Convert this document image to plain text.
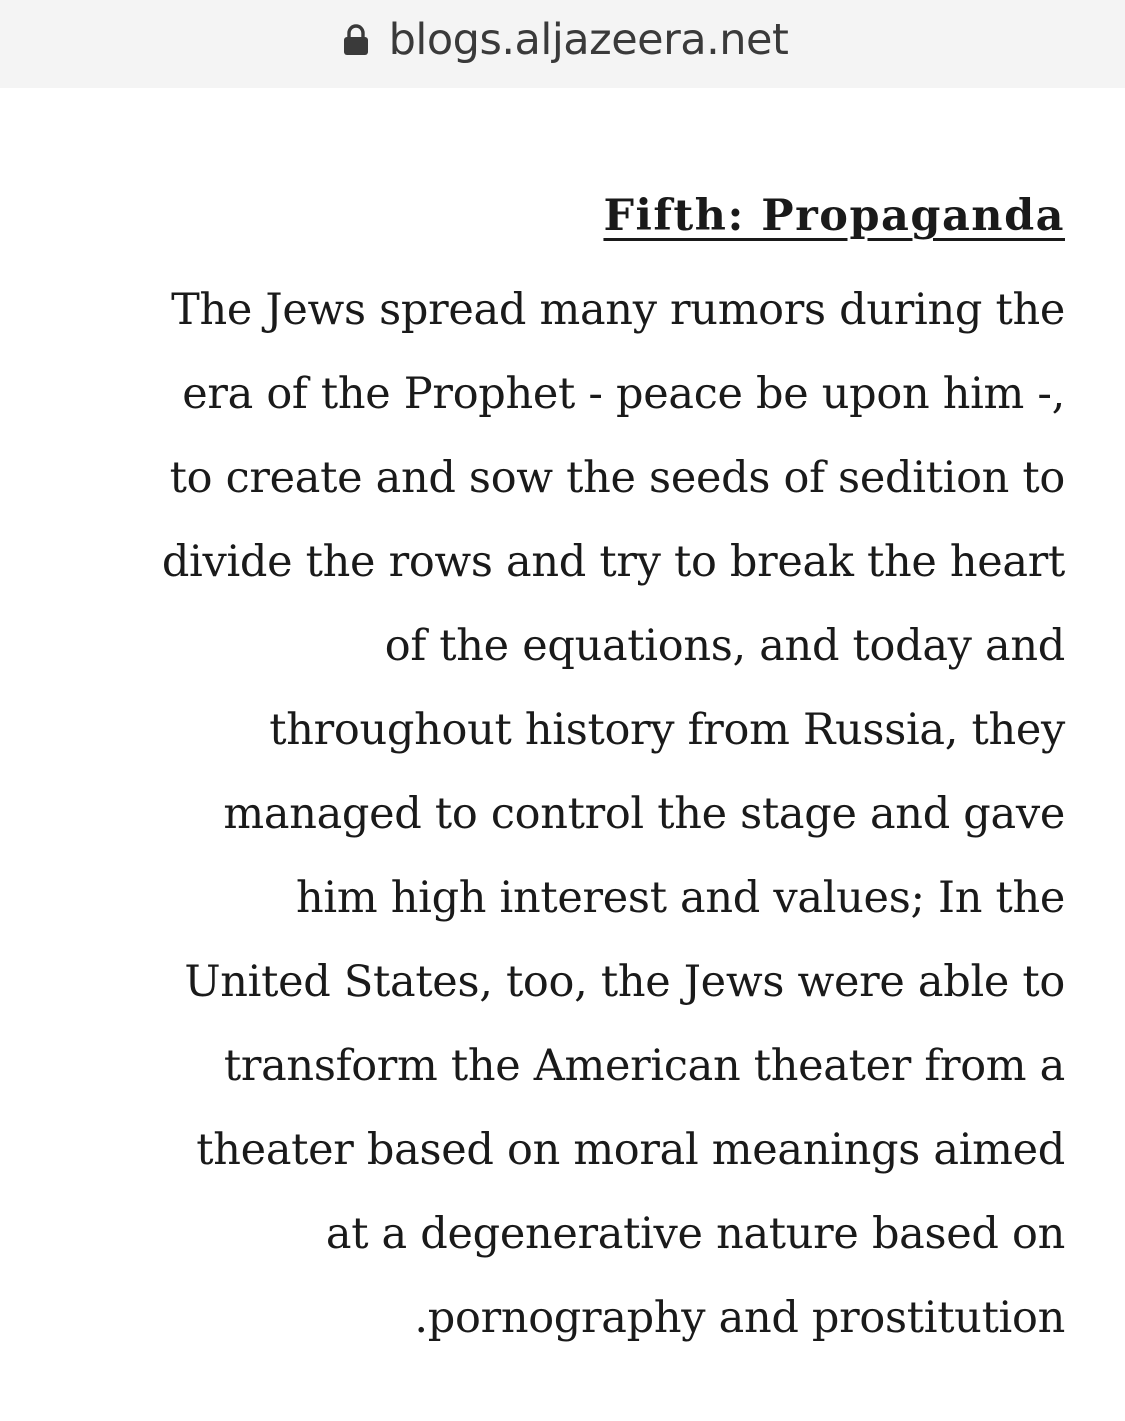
blogs.aljazeera.net
Fifth: Propaganda
The Jews spread many rumors during the
era of the Prophet - peace be upon him -,
to create and sow the seeds of sedition to
divide the rows and try to break the heart
of the equations, and today and
throughout history from Russia, they
managed to control the stage and gave
him high interest and values; In the
United States, too, the Jews were able to
transform the American theater from a
theater based on moral meanings aimed
at a degenerative nature based on
.pornography and prostitution
